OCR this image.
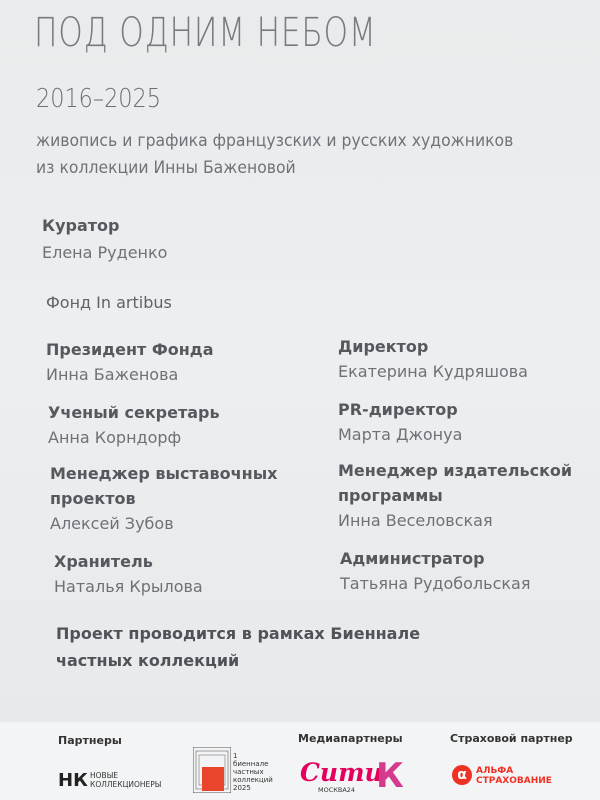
ПОД ОДНИМ НЕБОМ
2016–2025
живопись и графика французских и русских художников
из коллекции Инны Баженовой
Куратор
Елена Руденко
Фонд In artibus
Президент Фонда
Инна Баженова
Ученый секретарь
Анна Корндорф
Менеджер выставочных
проектов
Алексей Зубов
Хранитель
Наталья Крылова
Директор
Екатерина Кудряшова
PR-директор
Марта Джонуа
Менеджер издательской
программы
Инна Веселовская
Администратор
Татьяна Рудобольская
Проект проводится в рамках Биеннале
частных коллекций
Партнеры	Медиапартнеры	Страховой партнер
НК НОВЫЕ
КОЛЛЕКЦИОНЕРЫ
1
биеннале
частных
коллекций
2025
Сити
МОСКВА24 К	α	АЛЬФА
СТРАХОВАНИЕ
